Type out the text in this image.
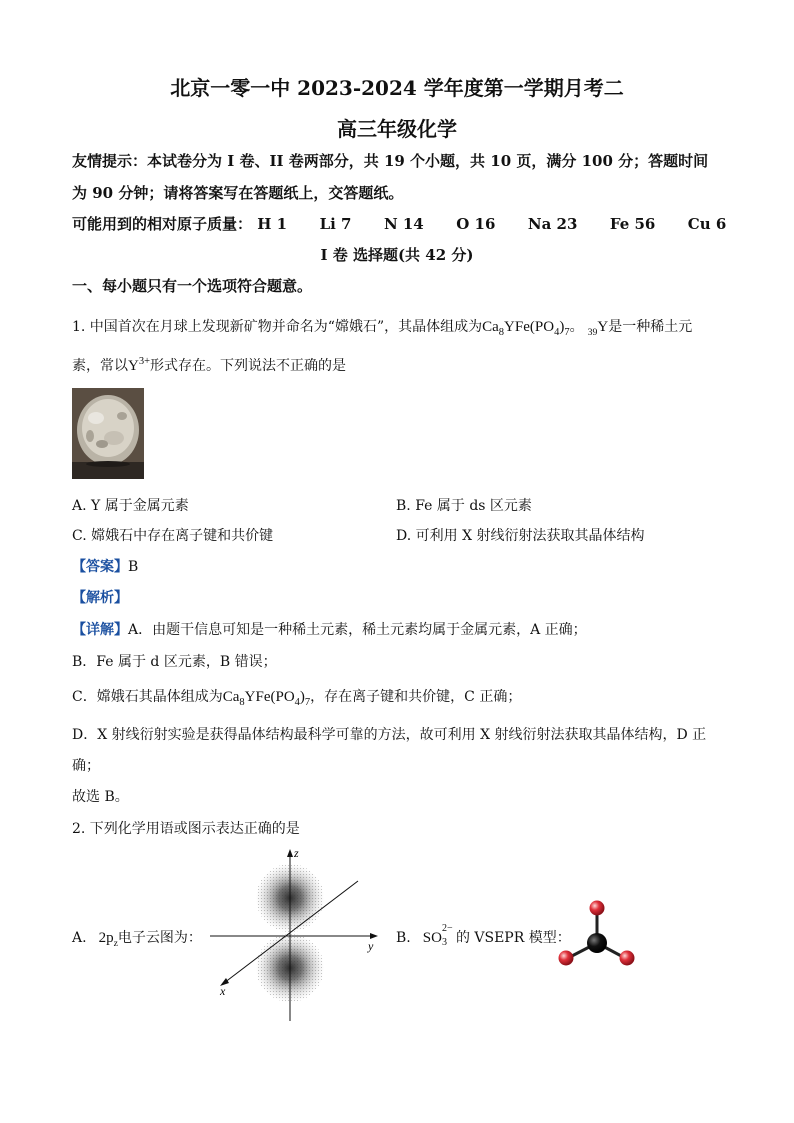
北京一零一中 2023-2024 学年度第一学期月考二
高三年级化学
友情提示：本试卷分为 I 卷、II 卷两部分，共 19 个小题，共 10 页，满分 100 分；答题时间
为 90 分钟；请将答案写在答题纸上，交答题纸。
可能用到的相对原子质量： H 1 Li 7 N 14 O 16 Na 23 Fe 56 Cu 6
I 卷 选择题(共 42 分)
一、每小题只有一个选项符合题意。
1. 中国首次在月球上发现新矿物并命名为“嫦娥石”，其晶体组成为$Ca_8YFe(PO_4)_7$。 $_{39}$Y是一种稀土元
素，常以$Y^{3+}$形式存在。下列说法不正确的是
A. Y 属于金属元素	B. Fe 属于 ds 区元素
C. 嫦娥石中存在离子键和共价键	D. 可利用 X 射线衍射法获取其晶体结构
【答案】B
【解析】
【详解】A．由题干信息可知是一种稀土元素，稀土元素均属于金属元素，A 正确；
B．Fe 属于 d 区元素，B 错误；
C．嫦娥石其晶体组成为$Ca_8YFe(PO_4)_7$，存在离子键和共价键，C 正确；
D．X 射线衍射实验是获得晶体结构最科学可靠的方法，故可利用 X 射线衍射法获取其晶体结构，D 正
确；
故选 B。
2. 下列化学用语或图示表达正确的是
A. $2p_z$电子云图为：
z
y
x
B. SO
2−
3 的 VSEPR 模型：
